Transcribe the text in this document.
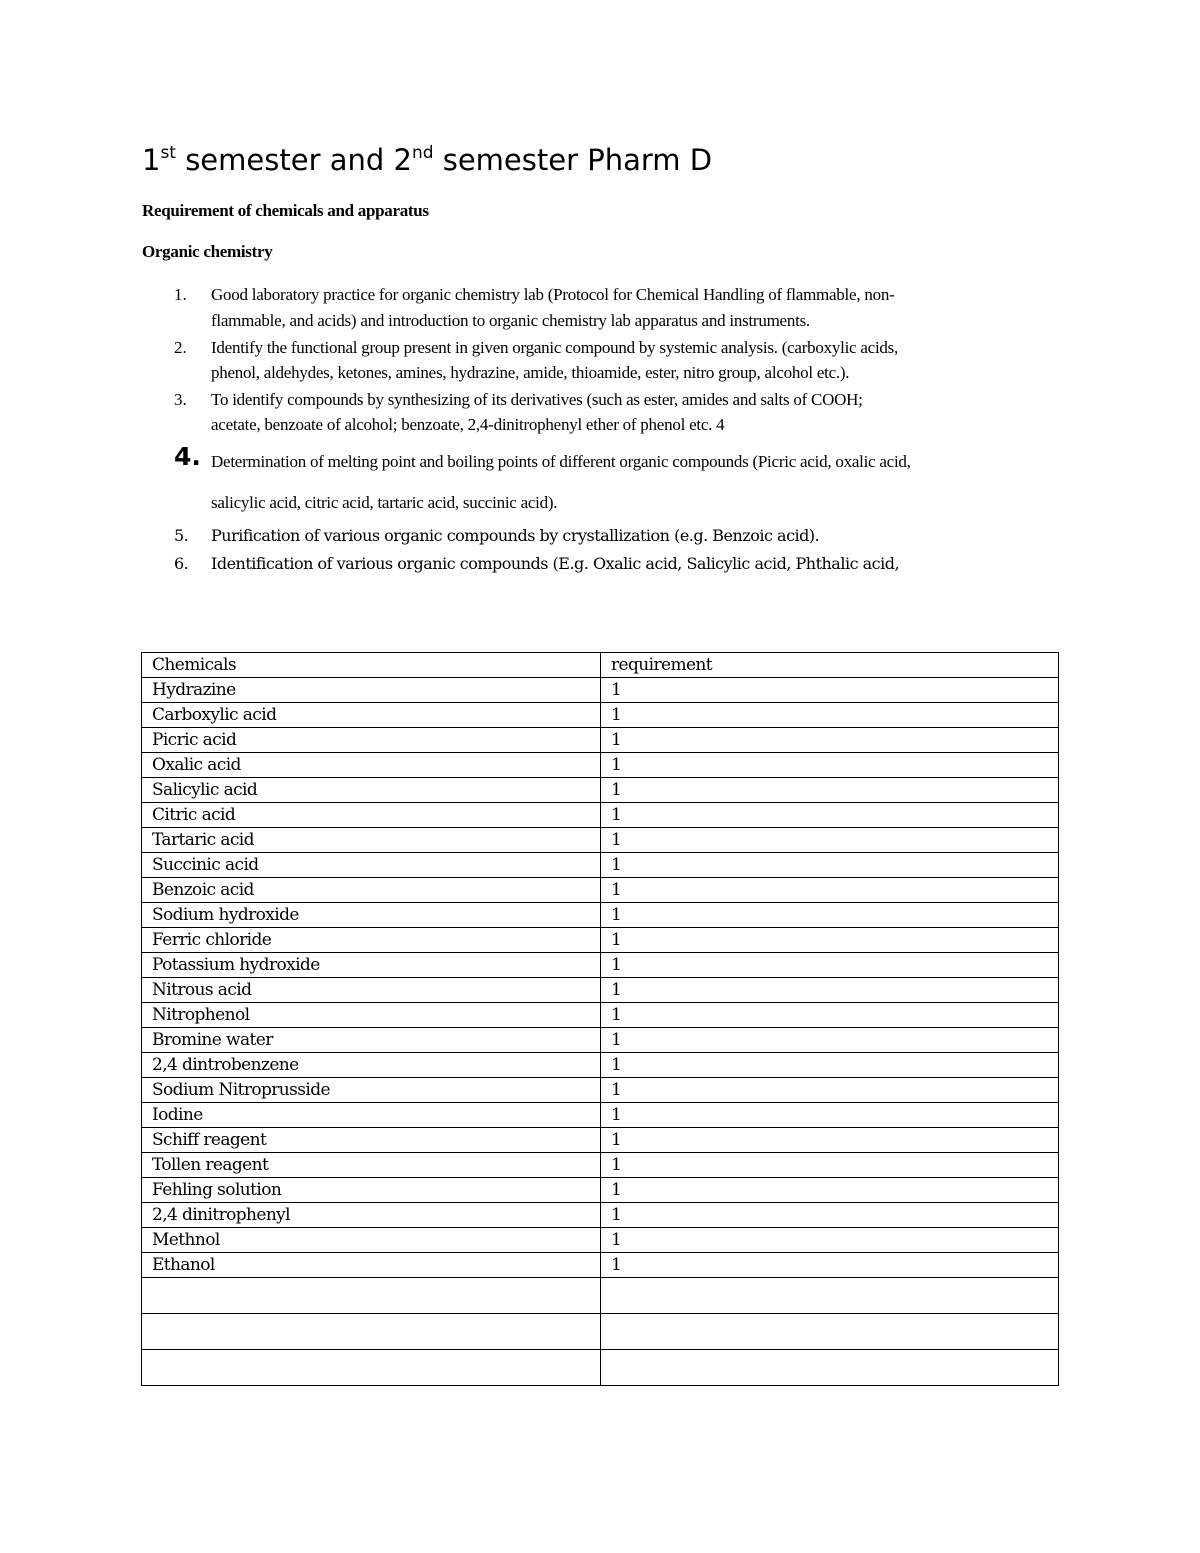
1st semester and 2nd semester Pharm D
Requirement of chemicals and apparatus
Organic chemistry
1. Good laboratory practice for organic chemistry lab (Protocol for Chemical Handling of flammable, non-
flammable, and acids) and introduction to organic chemistry lab apparatus and instruments.
2. Identify the functional group present in given organic compound by systemic analysis. (carboxylic acids,
phenol, aldehydes, ketones, amines, hydrazine, amide, thioamide, ester, nitro group, alcohol etc.).
3. To identify compounds by synthesizing of its derivatives (such as ester, amides and salts of COOH;
acetate, benzoate of alcohol; benzoate, 2,4-dinitrophenyl ether of phenol etc. 4
4. Determination of melting point and boiling points of different organic compounds (Picric acid, oxalic acid,
salicylic acid, citric acid, tartaric acid, succinic acid).
5. Purification of various organic compounds by crystallization (e.g. Benzoic acid).
6. Identification of various organic compounds (E.g. Oxalic acid, Salicylic acid, Phthalic acid,
Chemicals	requirement
Hydrazine	1
Carboxylic acid	1
Picric acid	1
Oxalic acid	1
Salicylic acid	1
Citric acid	1
Tartaric acid	1
Succinic acid	1
Benzoic acid	1
Sodium hydroxide	1
Ferric chloride	1
Potassium hydroxide	1
Nitrous acid	1
Nitrophenol	1
Bromine water	1
2,4 dintrobenzene	1
Sodium Nitroprusside	1
Iodine	1
Schiff reagent	1
Tollen reagent	1
Fehling solution	1
2,4 dinitrophenyl	1
Methnol	1
Ethanol	1
